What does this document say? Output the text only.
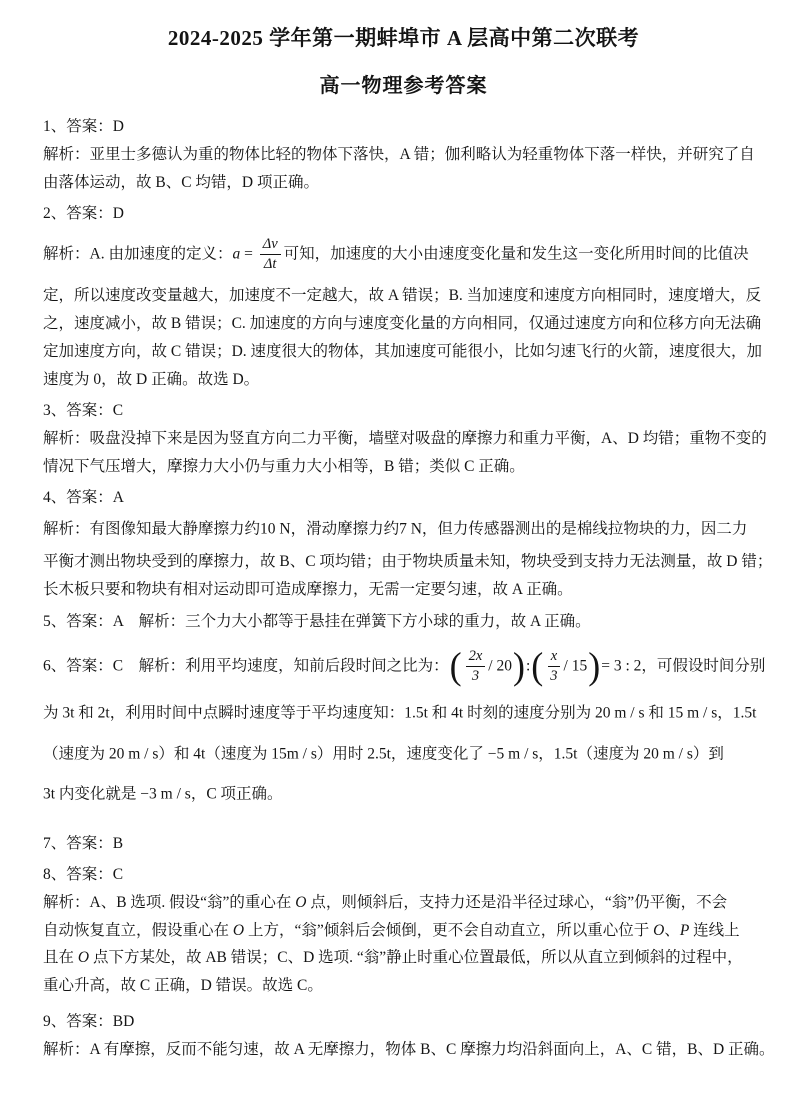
2024-2025 学年第一期蚌埠市 A 层高中第二次联考
高一物理参考答案
1、答案：D
解析：亚里士多德认为重的物体比轻的物体下落快，A 错；伽利略认为轻重物体下落一样快，并研究了自
由落体运动，故 B、C 均错，D 项正确。
2、答案：D
解析：A. 由加速度的定义：$a = \frac{\Delta v}{\Delta t}$ 可知，加速度的大小由速度变化量和发生这一变化所用时间的比值决
定，所以速度改变量越大，加速度不一定越大，故 A 错误；B. 当加速度和速度方向相同时，速度增大，反
之，速度减小，故 B 错误；C. 加速度的方向与速度变化量的方向相同，仅通过速度方向和位移方向无法确
定加速度方向，故 C 错误；D. 速度很大的物体，其加速度可能很小，比如匀速飞行的火箭，速度很大，加
速度为 0，故 D 正确。故选 D。
3、答案：C
解析：吸盘没掉下来是因为竖直方向二力平衡，墙壁对吸盘的摩擦力和重力平衡，A、D 均错；重物不变的
情况下气压增大，摩擦力大小仍与重力大小相等，B 错；类似 C 正确。
4、答案：A
解析：有图像知最大静摩擦力约10 N，滑动摩擦力约7 N，但力传感器测出的是棉线拉物块的力，因二力
平衡才测出物块受到的摩擦力，故 B、C 项均错；由于物块质量未知，物块受到支持力无法测量，故 D 错；
长木板只要和物块有相对运动即可造成摩擦力，无需一定要匀速，故 A 正确。
5、答案：A　解析：三个力大小都等于悬挂在弹簧下方小球的重力，故 A 正确。
6、答案：C　解析：利用平均速度，知前后段时间之比为：( $\frac{2x}{3}$ / 20):( $\frac{x}{3} / 15)= 3$ : 2，可假设时间分别
为 3t 和 2t，利用时间中点瞬时速度等于平均速度知：1.5t 和 4t 时刻的速度分别为 20 m / s 和 15 m / s，1.5t
（速度为 20 m / s）和 4t（速度为 15m / s）用时 2.5t，速度变化了 −5 m / s，1.5t（速度为 20 m / s）到
3t 内变化就是 −3 m / s，C 项正确。
7、答案：B
8、答案：C
解析：A、B 选项. 假设“翁”的重心在 O 点，则倾斜后，支持力还是沿半径过球心，“翁”仍平衡，不会
自动恢复直立，假设重心在 O 上方，“翁”倾斜后会倾倒，更不会自动直立，所以重心位于 O、P 连线上
且在 O 点下方某处，故 AB 错误；C、D 选项. “翁”静止时重心位置最低，所以从直立到倾斜的过程中，
重心升高，故 C 正确，D 错误。故选 C。
9、答案：BD
解析：A 有摩擦，反而不能匀速，故 A 无摩擦力，物体 B、C 摩擦力均沿斜面向上，A、C 错，B、D 正确。
